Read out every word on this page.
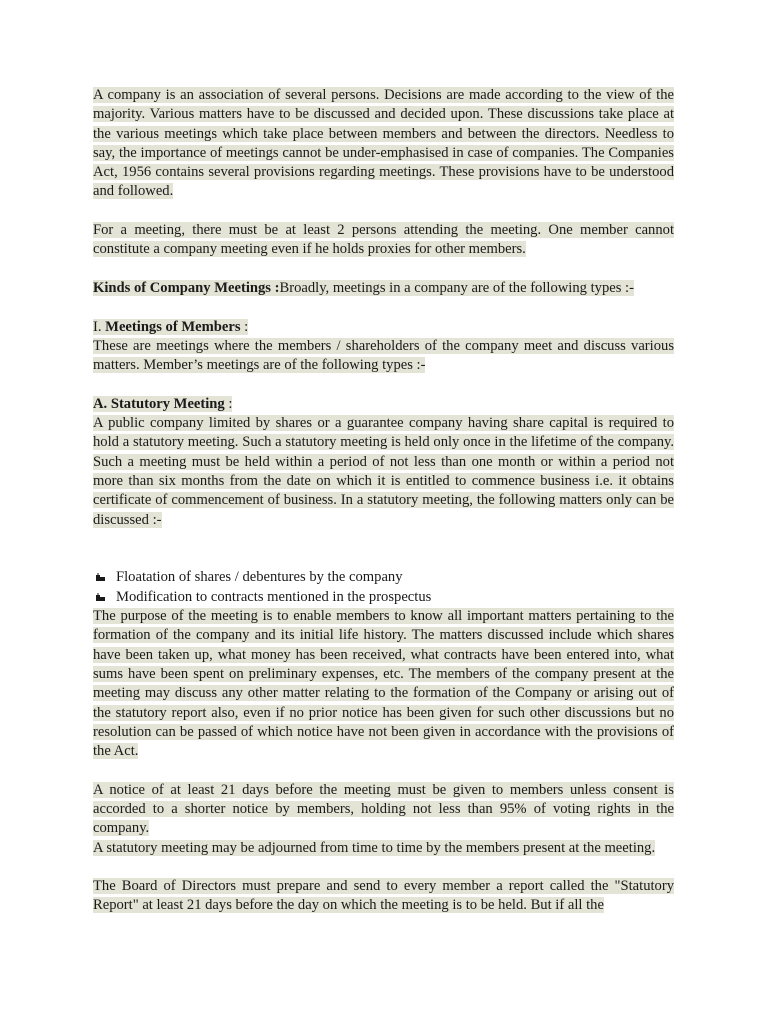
A company is an association of several persons. Decisions are made according to the view of the majority. Various matters have to be discussed and decided upon. These discussions take place at the various meetings which take place between members and between the directors. Needless to say, the importance of meetings cannot be under-emphasised in case of companies. The Companies Act, 1956 contains several provisions regarding meetings. These provisions have to be understood and followed.

For a meeting, there must be at least 2 persons attending the meeting. One member cannot constitute a company meeting even if he holds proxies for other members.

Kinds of Company Meetings :Broadly, meetings in a company are of the following types :-

I. Meetings of Members :

These are meetings where the members / shareholders of the company meet and discuss various matters. Member’s meetings are of the following types :-

A. Statutory Meeting :

A public company limited by shares or a guarantee company having share capital is required to hold a statutory meeting. Such a statutory meeting is held only once in the lifetime of the company. Such a meeting must be held within a period of not less than one month or within a period not more than six months from the date on which it is entitled to commence business i.e. it obtains certificate of commencement of business. In a statutory meeting, the following matters only can be discussed :-

Floatation of shares / debentures by the company
Modification to contracts mentioned in the prospectus

The purpose of the meeting is to enable members to know all important matters pertaining to the formation of the company and its initial life history. The matters discussed include which shares have been taken up, what money has been received, what contracts have been entered into, what sums have been spent on preliminary expenses, etc. The members of the company present at the meeting may discuss any other matter relating to the formation of the Company or arising out of the statutory report also, even if no prior notice has been given for such other discussions but no resolution can be passed of which notice have not been given in accordance with the provisions of the Act.

A notice of at least 21 days before the meeting must be given to members unless consent is accorded to a shorter notice by members, holding not less than 95% of voting rights in the company.

A statutory meeting may be adjourned from time to time by the members present at the meeting.

The Board of Directors must prepare and send to every member a report called the "Statutory Report" at least 21 days before the day on which the meeting is to be held. But if all the
